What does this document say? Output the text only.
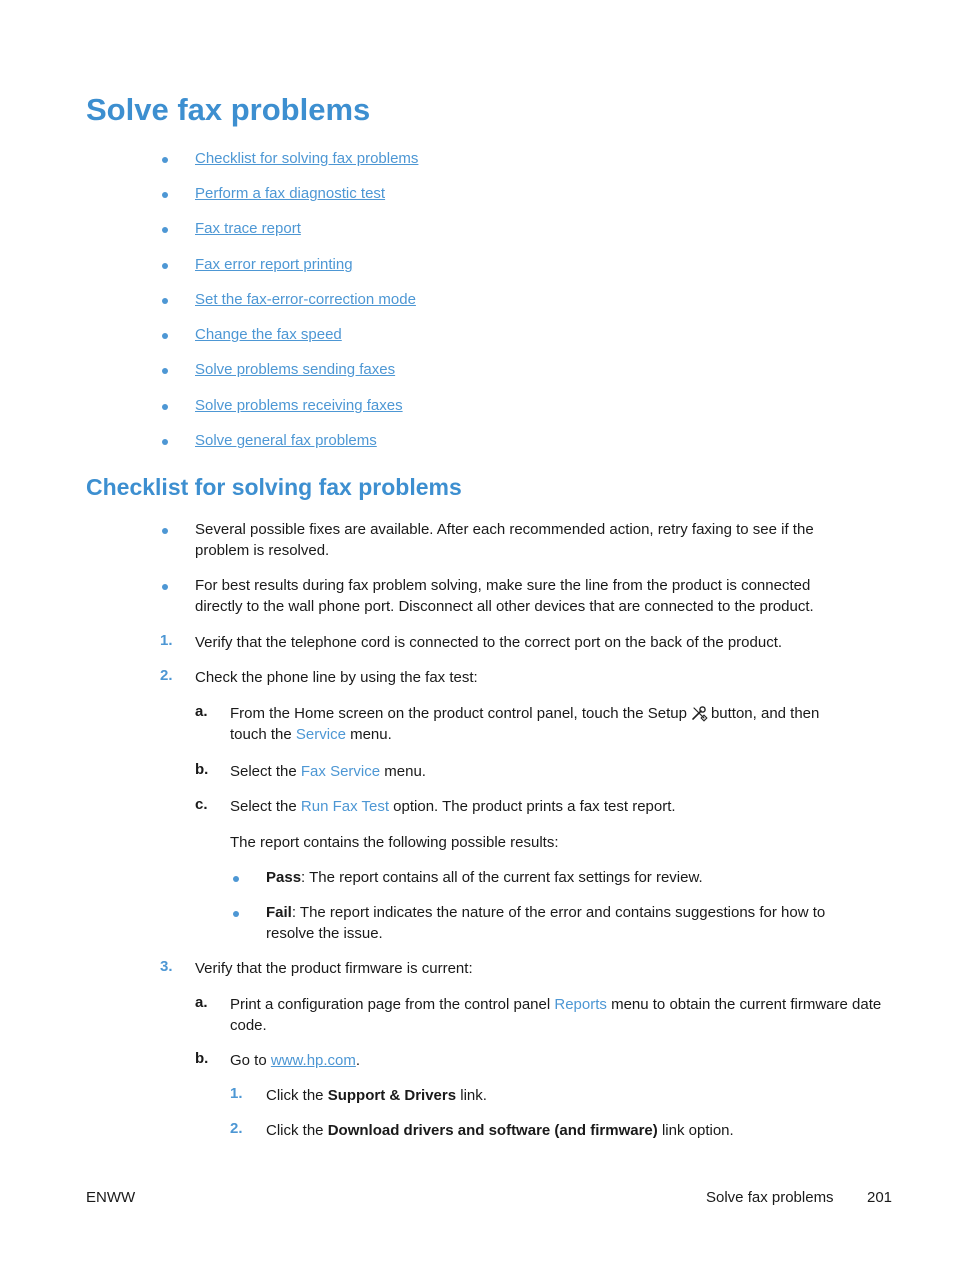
Solve fax problems
Checklist for solving fax problems
Perform a fax diagnostic test
Fax trace report
Fax error report printing
Set the fax-error-correction mode
Change the fax speed
Solve problems sending faxes
Solve problems receiving faxes
Solve general fax problems
Checklist for solving fax problems
Several possible fixes are available. After each recommended action, retry faxing to see if the problem is resolved.
For best results during fax problem solving, make sure the line from the product is connected directly to the wall phone port. Disconnect all other devices that are connected to the product.
1. Verify that the telephone cord is connected to the correct port on the back of the product.
2. Check the phone line by using the fax test:
a. From the Home screen on the product control panel, touch the Setup button, and then touch the Service menu.
b. Select the Fax Service menu.
c. Select the Run Fax Test option. The product prints a fax test report.
The report contains the following possible results:
Pass: The report contains all of the current fax settings for review.
Fail: The report indicates the nature of the error and contains suggestions for how to resolve the issue.
3. Verify that the product firmware is current:
a. Print a configuration page from the control panel Reports menu to obtain the current firmware date code.
b. Go to www.hp.com.
1. Click the Support & Drivers link.
2. Click the Download drivers and software (and firmware) link option.
ENWW	Solve fax problems 201
